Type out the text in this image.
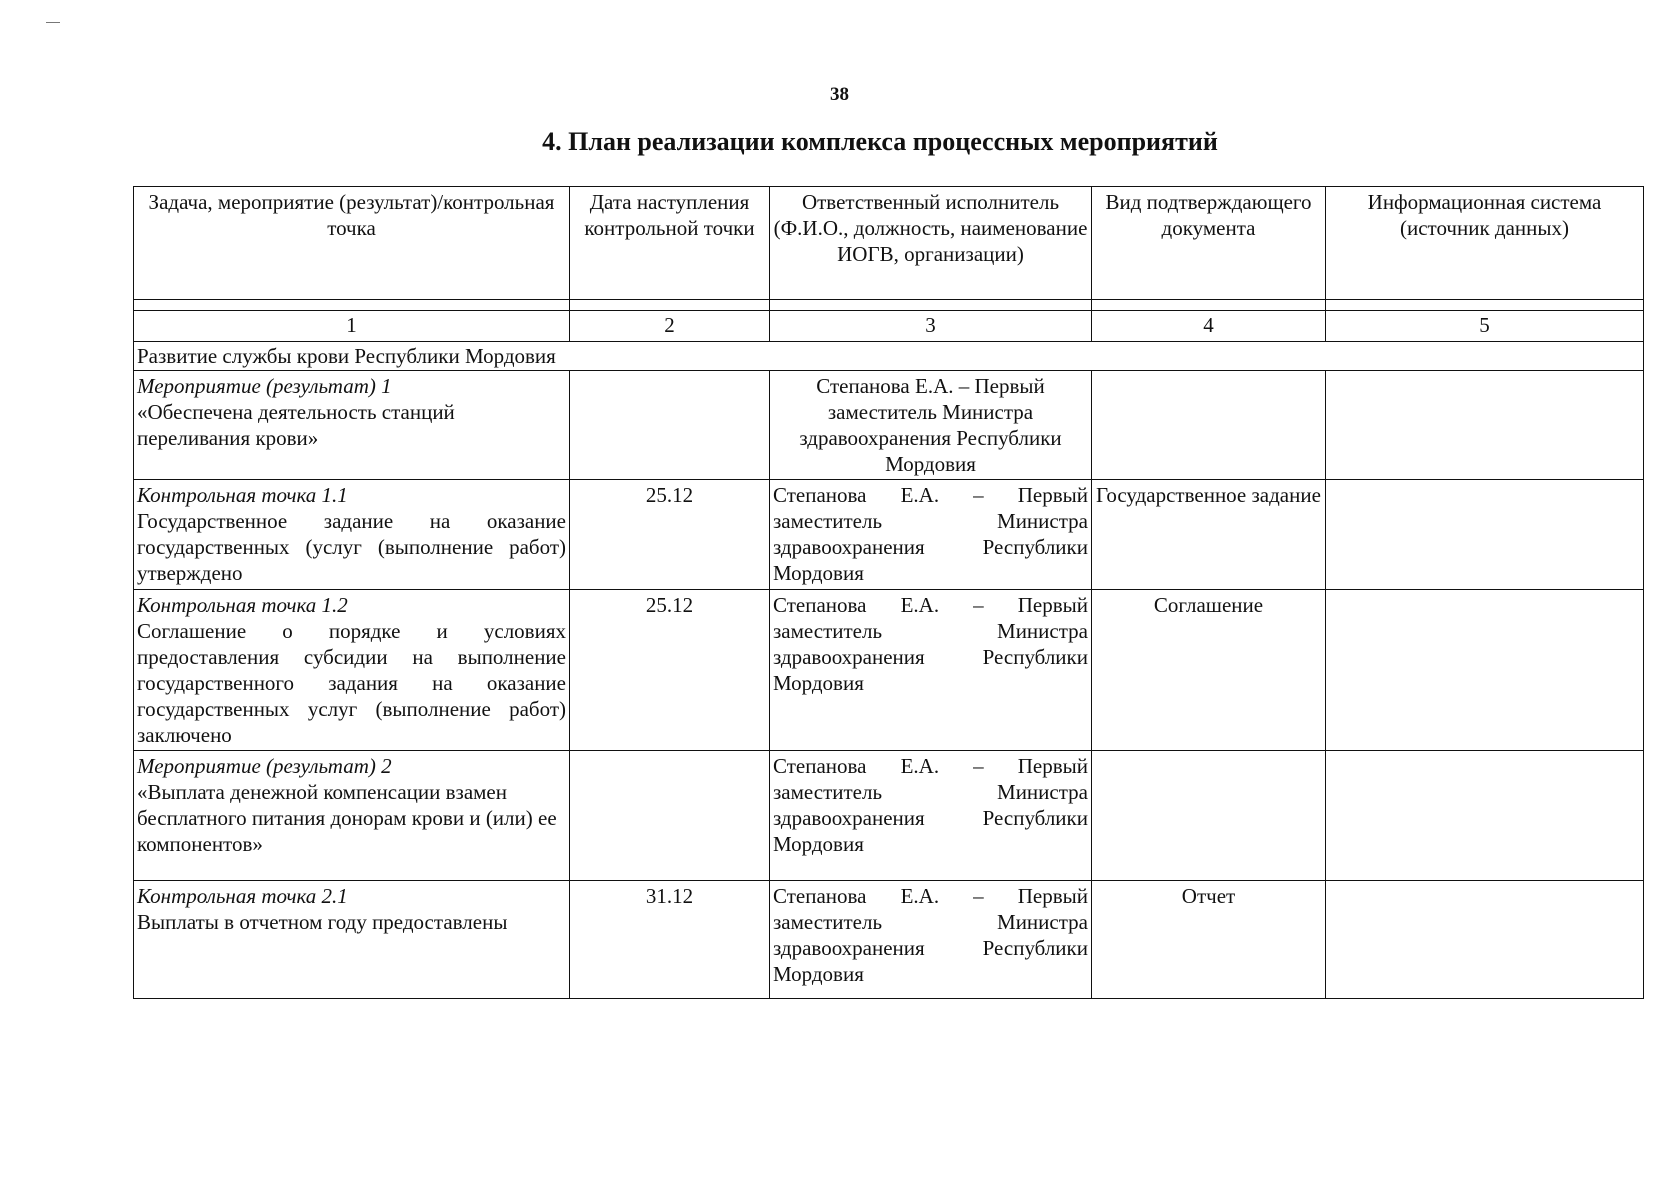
38
4. План реализации комплекса процессных мероприятий
Задача, мероприятие (результат)/контрольная точка	Дата наступления контрольной точки	Ответственный исполнитель (Ф.И.О., должность, наименование ИОГВ, организации)	Вид подтверждающего документа	Информационная система (источник данных)

1	2	3	4	5
Развитие службы крови Республики Мордовия				

Мероприятие (результат) 1
«Обеспечена деятельность станций переливания крови»		Степанова Е.А. – Первый заместитель Министра здравоохранения Республики Мордовия		

Контрольная точка 1.1
Государственное задание на оказание государственных (услуг (выполнение работ) утверждено	25.12	Степанова Е.А. – Первый заместитель Министра здравоохранения Республики Мордовия	Государственное задание	

Контрольная точка 1.2
Соглашение о порядке и условиях предоставления субсидии на выполнение государственного задания на оказание государственных услуг (выполнение работ) заключено	25.12	Степанова Е.А. – Первый заместитель Министра здравоохранения Республики Мордовия	Соглашение	

Мероприятие (результат) 2
«Выплата денежной компенсации взамен бесплатного питания донорам крови и (или) ее компонентов»		Степанова Е.А. – Первый заместитель Министра здравоохранения Республики Мордовия		

Контрольная точка 2.1
Выплаты в отчетном году предоставлены	31.12	Степанова Е.А. – Первый заместитель Министра здравоохранения Республики Мордовия	Отчет	
